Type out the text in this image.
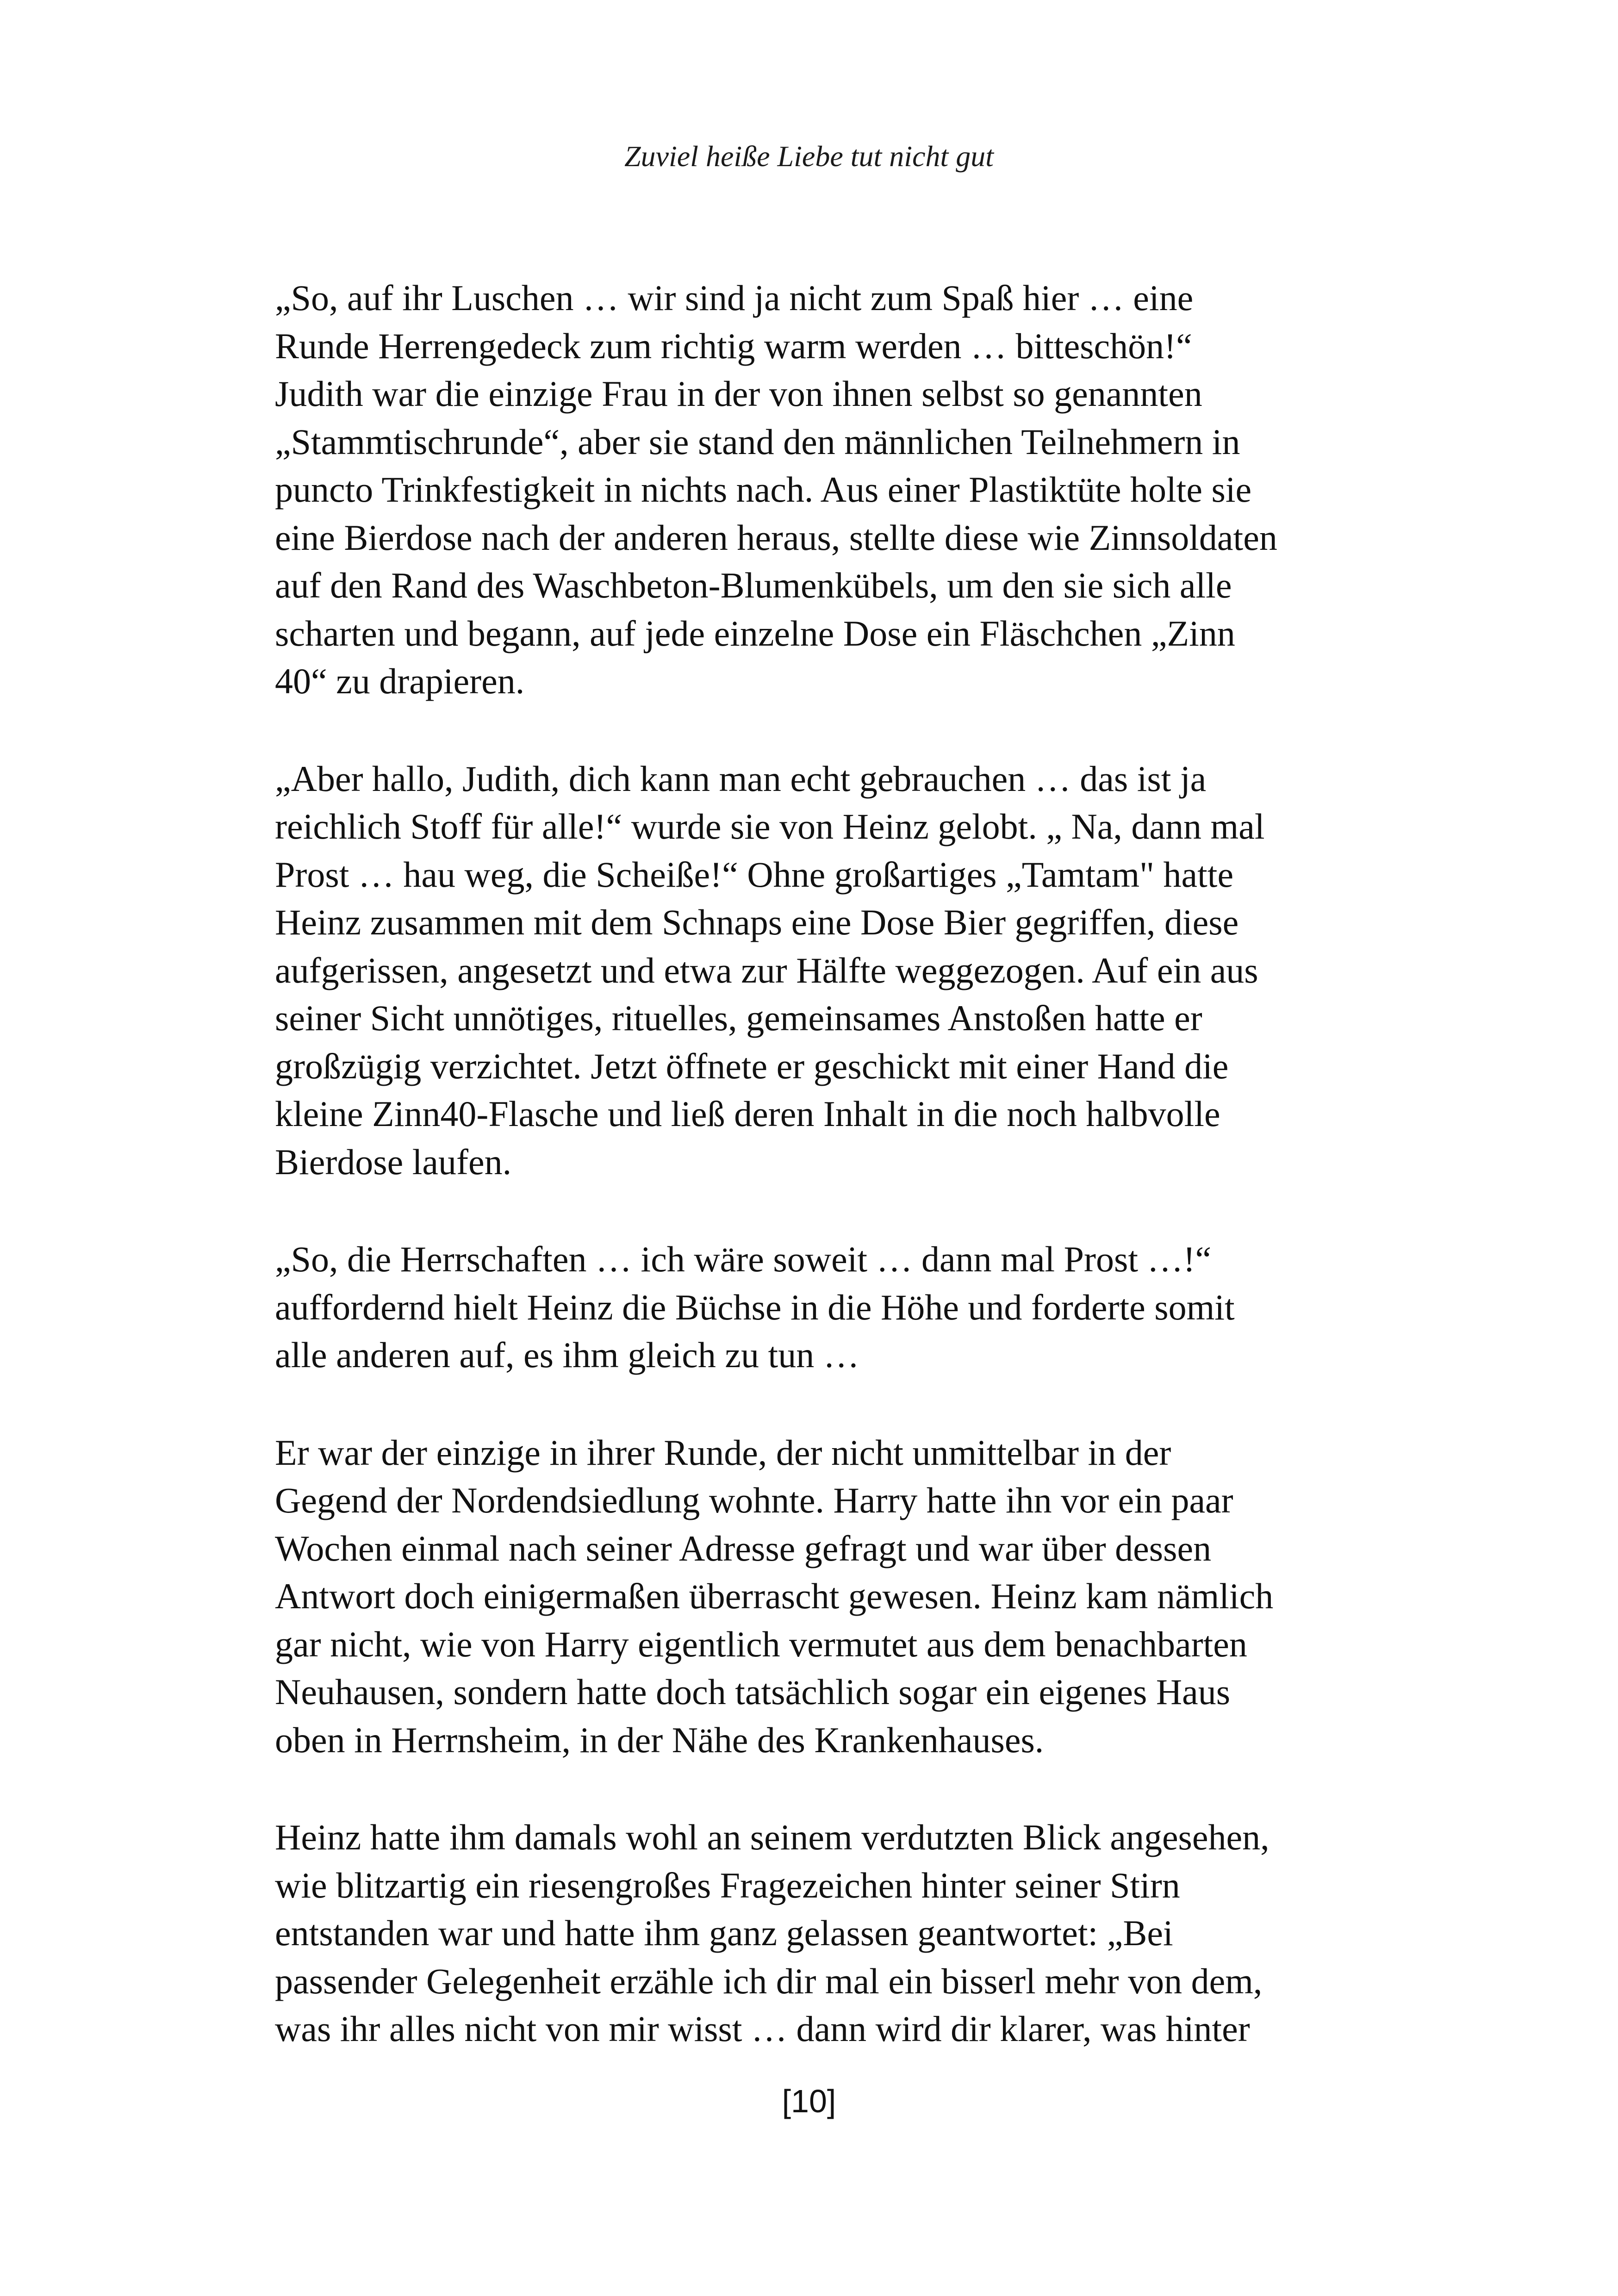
Zuviel heiße Liebe tut nicht gut

„So, auf ihr Luschen … wir sind ja nicht zum Spaß hier … eine
Runde Herrengedeck zum richtig warm werden … bitteschön!“
Judith war die einzige Frau in der von ihnen selbst so genannten
„Stammtischrunde“, aber sie stand den männlichen Teilnehmern in
puncto Trinkfestigkeit in nichts nach. Aus einer Plastiktüte holte sie
eine Bierdose nach der anderen heraus, stellte diese wie Zinnsoldaten
auf den Rand des Waschbeton-Blumenkübels, um den sie sich alle
scharten und begann, auf jede einzelne Dose ein Fläschchen „Zinn
40“ zu drapieren.

„Aber hallo, Judith, dich kann man echt gebrauchen … das ist ja
reichlich Stoff für alle!“ wurde sie von Heinz gelobt. „ Na, dann mal
Prost … hau weg, die Scheiße!“ Ohne großartiges „Tamtam" hatte
Heinz zusammen mit dem Schnaps eine Dose Bier gegriffen, diese
aufgerissen, angesetzt und etwa zur Hälfte weggezogen. Auf ein aus
seiner Sicht unnötiges, rituelles, gemeinsames Anstoßen hatte er
großzügig verzichtet. Jetzt öffnete er geschickt mit einer Hand die
kleine Zinn40-Flasche und ließ deren Inhalt in die noch halbvolle
Bierdose laufen.

„So, die Herrschaften … ich wäre soweit … dann mal Prost …!“
auffordernd hielt Heinz die Büchse in die Höhe und forderte somit
alle anderen auf, es ihm gleich zu tun …

Er war der einzige in ihrer Runde, der nicht unmittelbar in der
Gegend der Nordendsiedlung wohnte. Harry hatte ihn vor ein paar
Wochen einmal nach seiner Adresse gefragt und war über dessen
Antwort doch einigermaßen überrascht gewesen. Heinz kam nämlich
gar nicht, wie von Harry eigentlich vermutet aus dem benachbarten
Neuhausen, sondern hatte doch tatsächlich sogar ein eigenes Haus
oben in Herrnsheim, in der Nähe des Krankenhauses.

Heinz hatte ihm damals wohl an seinem verdutzten Blick angesehen,
wie blitzartig ein riesengroßes Fragezeichen hinter seiner Stirn
entstanden war und hatte ihm ganz gelassen geantwortet: „Bei
passender Gelegenheit erzähle ich dir mal ein bisserl mehr von dem,
was ihr alles nicht von mir wisst … dann wird dir klarer, was hinter

[10]
